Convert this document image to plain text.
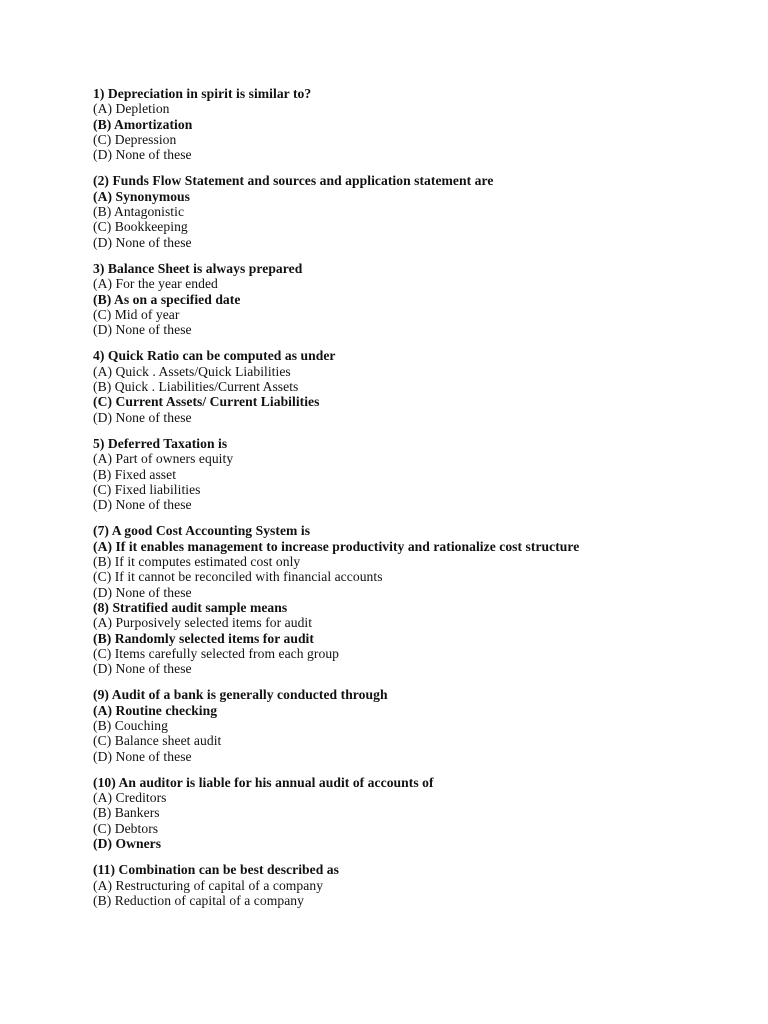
1) Depreciation in spirit is similar to?
(A) Depletion
(B) Amortization
(C) Depression
(D) None of these
(2) Funds Flow Statement and sources and application statement are
(A) Synonymous
(B) Antagonistic
(C) Bookkeeping
(D) None of these
3) Balance Sheet is always prepared
(A) For the year ended
(B) As on a specified date
(C) Mid of year
(D) None of these
4) Quick Ratio can be computed as under
(A) Quick . Assets/Quick Liabilities
(B) Quick . Liabilities/Current Assets
(C) Current Assets/ Current Liabilities
(D) None of these
5) Deferred Taxation is
(A) Part of owners equity
(B) Fixed asset
(C) Fixed liabilities
(D) None of these
(7) A good Cost Accounting System is
(A) If it enables management to increase productivity and rationalize cost structure
(B) If it computes estimated cost only
(C) If it cannot be reconciled with financial accounts
(D) None of these
(8) Stratified audit sample means
(A) Purposively selected items for audit
(B) Randomly selected items for audit
(C) Items carefully selected from each group
(D) None of these
(9) Audit of a bank is generally conducted through
(A) Routine checking
(B) Couching
(C) Balance sheet audit
(D) None of these
(10) An auditor is liable for his annual audit of accounts of
(A) Creditors
(B) Bankers
(C) Debtors
(D) Owners
(11) Combination can be best described as
(A) Restructuring of capital of a company
(B) Reduction of capital of a company
